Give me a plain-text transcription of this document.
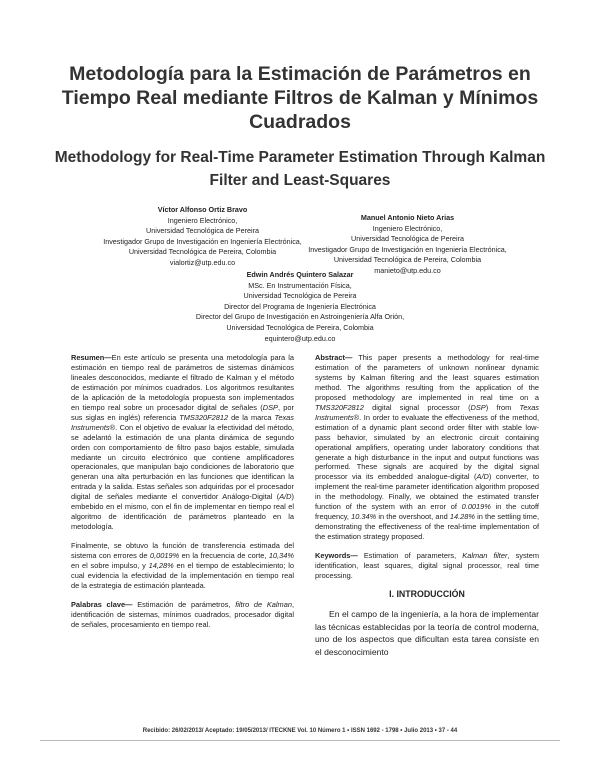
Metodología para la Estimación de Parámetros en Tiempo Real mediante Filtros de Kalman y Mínimos Cuadrados
Methodology for Real-Time Parameter Estimation Through Kalman Filter and Least-Squares
Víctor Alfonso Ortiz Bravo
Ingeniero Electrónico,
Universidad Tecnológica de Pereira
Investigador Grupo de Investigación en Ingeniería Electrónica,
Universidad Tecnológica de Pereira, Colombia
vialortiz@utp.edu.co
Manuel Antonio Nieto Arias
Ingeniero Electrónico,
Universidad Tecnológica de Pereira
Investigador Grupo de Investigación en Ingeniería Electrónica,
Universidad Tecnológica de Pereira, Colombia
manieto@utp.edu.co
Edwin Andrés Quintero Salazar
MSc. En Instrumentación Física,
Universidad Tecnológica de Pereira
Director del Programa de Ingeniería Electrónica
Director del Grupo de Investigación en Astroingeniería Alfa Orión,
Universidad Tecnológica de Pereira, Colombia
equintero@utp.edu.co

Resumen—En este artículo se presenta una metodología para la estimación en tiempo real de parámetros de sistemas dinámicos lineales desconocidos, mediante el filtrado de Kalman y el método de estimación por mínimos cuadrados. Los algoritmos resultantes de la aplicación de la metodología propuesta son implementados en tiempo real sobre un procesador digital de señales (DSP, por sus siglas en inglés) referencia TMS320F2812 de la marca Texas Instruments®. Con el objetivo de evaluar la efectividad del método, se adelantó la estimación de una planta dinámica de segundo orden con comportamiento de filtro paso bajos estable, simulada mediante un circuito electrónico que contiene amplificadores operacionales, que manipulan bajo condiciones de laboratorio que generan una alta perturbación en las funciones que identifican la entrada y la salida. Estas señales son adquiridas por el procesador digital de señales mediante el convertidor Análogo-Digital (A/D) embebido en el mismo, con el fin de implementar en tiempo real el algoritmo de identificación de parámetros planteado en la metodología.

Finalmente, se obtuvo la función de transferencia estimada del sistema con errores de 0,0019% en la frecuencia de corte, 10,34% en el sobre impulso, y 14,28% en el tiempo de establecimiento; lo cual evidencia la efectividad de la implementación en tiempo real de la estrategia de estimación planteada.

Palabras clave— Estimación de parámetros, filtro de Kalman, identificación de sistemas, mínimos cuadrados, procesador digital de señales, procesamiento en tiempo real.

Abstract— This paper presents a methodology for real-time estimation of the parameters of unknown nonlinear dynamic systems by Kalman filtering and the least squares estimation method. The algorithms resulting from the application of the proposed methodology are implemented in real time on a TMS320F2812 digital signal processor (DSP) from Texas Instruments®. In order to evaluate the effectiveness of the method, estimation of a dynamic plant second order filter with stable low-pass behavior, simulated by an electronic circuit containing operational amplifiers, operating under laboratory conditions that generate a high disturbance in the input and output functions was performed. These signals are acquired by the digital signal processor via its embedded analogue-digital (A/D) converter, to implement the real-time parameter identification algorithm proposed in the methodology. Finally, we obtained the estimated transfer function of the system with an error of 0.0019% in the cutoff frequency, 10.34% in the overshoot, and 14.28% in the settling time, demonstrating the effectiveness of the real-time implementation of the estimation strategy proposed.

Keywords— Estimation of parameters, Kalman filter, system identification, least squares, digital signal processor, real time processing.

I. INTRODUCCIÓN

En el campo de la ingeniería, a la hora de implementar las técnicas establecidas por la teoría de control moderna, uno de los aspectos que dificultan esta tarea consiste en el desconocimiento

Recibido: 26/02/2013/ Aceptado: 19/05/2013/ ITECKNE Vol. 10 Número 1 • ISSN 1692 - 1798 • Julio 2013 • 37 - 44
